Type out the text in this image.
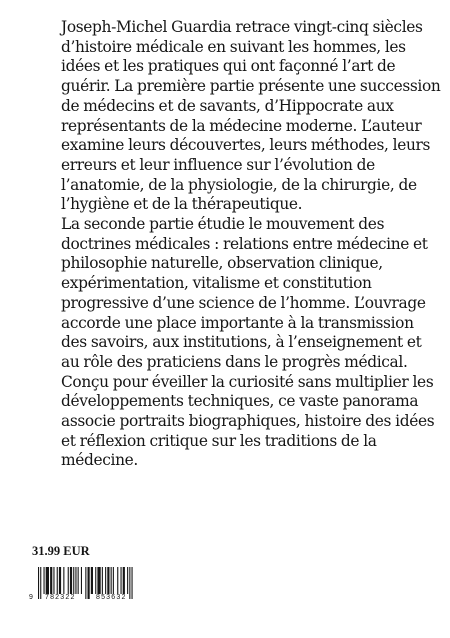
Joseph-Michel Guardia retrace vingt-cinq siècles
d’histoire médicale en suivant les hommes, les
idées et les pratiques qui ont façonné l’art de
guérir. La première partie présente une succession
de médecins et de savants, d’Hippocrate aux
représentants de la médecine moderne. L’auteur
examine leurs découvertes, leurs méthodes, leurs
erreurs et leur influence sur l’évolution de
l’anatomie, de la physiologie, de la chirurgie, de
l’hygiène et de la thérapeutique.
La seconde partie étudie le mouvement des
doctrines médicales : relations entre médecine et
philosophie naturelle, observation clinique,
expérimentation, vitalisme et constitution
progressive d’une science de l’homme. L’ouvrage
accorde une place importante à la transmission
des savoirs, aux institutions, à l’enseignement et
au rôle des praticiens dans le progrès médical.
Conçu pour éveiller la curiosité sans multiplier les
développements techniques, ce vaste panorama
associe portraits biographiques, histoire des idées
et réflexion critique sur les traditions de la
médecine.
31.99 EUR
9 782322	853632
